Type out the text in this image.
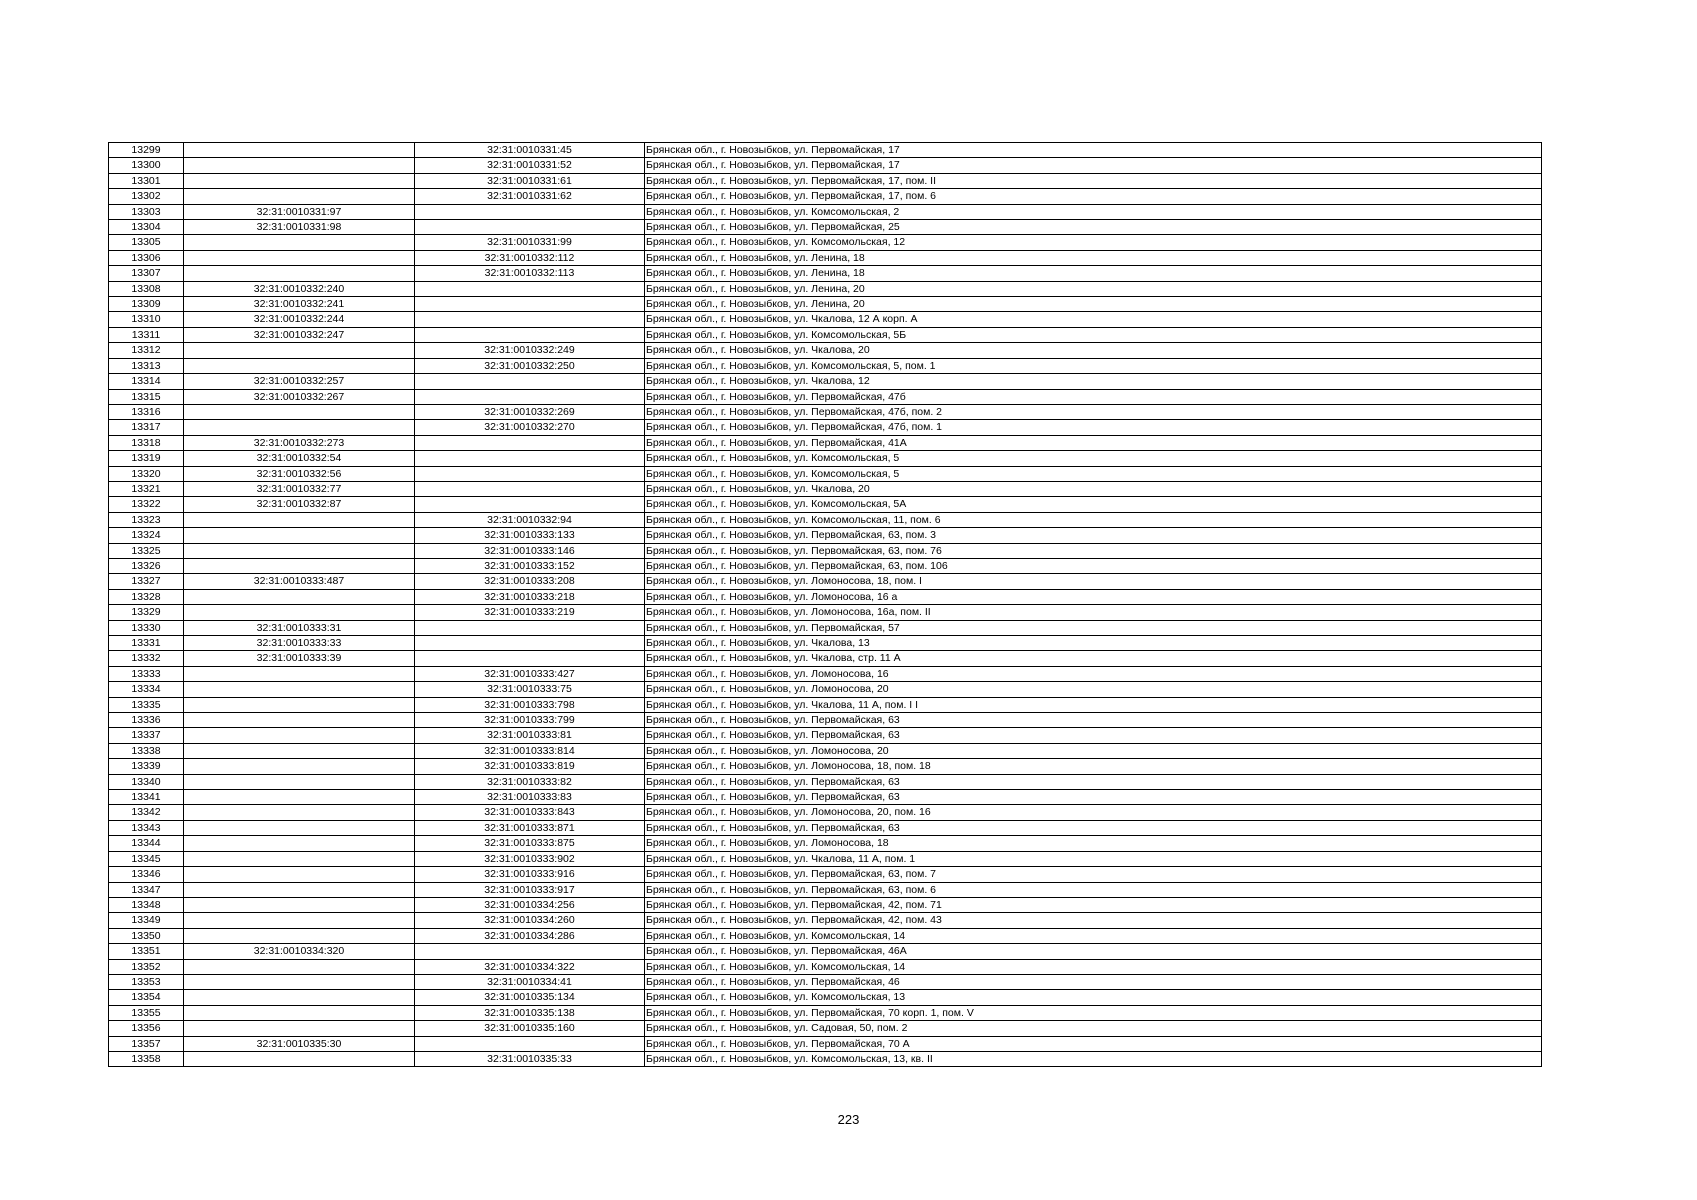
13299		32:31:0010331:45	Брянская обл., г. Новозыбков, ул. Первомайская, 17
13300		32:31:0010331:52	Брянская обл., г. Новозыбков, ул. Первомайская, 17
13301		32:31:0010331:61	Брянская обл., г. Новозыбков, ул. Первомайская, 17, пом. II
13302		32:31:0010331:62	Брянская обл., г. Новозыбков, ул. Первомайская, 17, пом. 6
13303	32:31:0010331:97		Брянская обл., г. Новозыбков, ул. Комсомольская, 2
13304	32:31:0010331:98		Брянская обл., г. Новозыбков, ул. Первомайская, 25
13305		32:31:0010331:99	Брянская обл., г. Новозыбков, ул. Комсомольская, 12
13306		32:31:0010332:112	Брянская обл., г. Новозыбков, ул. Ленина, 18
13307		32:31:0010332:113	Брянская обл., г. Новозыбков, ул. Ленина, 18
13308	32:31:0010332:240		Брянская обл., г. Новозыбков, ул. Ленина, 20
13309	32:31:0010332:241		Брянская обл., г. Новозыбков, ул. Ленина, 20
13310	32:31:0010332:244		Брянская обл., г. Новозыбков, ул. Чкалова, 12 А корп. А
13311	32:31:0010332:247		Брянская обл., г. Новозыбков, ул. Комсомольская, 5Б
13312		32:31:0010332:249	Брянская обл., г. Новозыбков, ул. Чкалова, 20
13313		32:31:0010332:250	Брянская обл., г. Новозыбков, ул. Комсомольская, 5, пом. 1
13314	32:31:0010332:257		Брянская обл., г. Новозыбков, ул. Чкалова, 12
13315	32:31:0010332:267		Брянская обл., г. Новозыбков, ул. Первомайская, 47б
13316		32:31:0010332:269	Брянская обл., г. Новозыбков, ул. Первомайская, 47б, пом. 2
13317		32:31:0010332:270	Брянская обл., г. Новозыбков, ул. Первомайская, 47б, пом. 1
13318	32:31:0010332:273		Брянская обл., г. Новозыбков, ул. Первомайская, 41А
13319	32:31:0010332:54		Брянская обл., г. Новозыбков, ул. Комсомольская, 5
13320	32:31:0010332:56		Брянская обл., г. Новозыбков, ул. Комсомольская, 5
13321	32:31:0010332:77		Брянская обл., г. Новозыбков, ул. Чкалова, 20
13322	32:31:0010332:87		Брянская обл., г. Новозыбков, ул. Комсомольская, 5А
13323		32:31:0010332:94	Брянская обл., г. Новозыбков, ул. Комсомольская, 11, пом. 6
13324		32:31:0010333:133	Брянская обл., г. Новозыбков, ул. Первомайская, 63, пом. 3
13325		32:31:0010333:146	Брянская обл., г. Новозыбков, ул. Первомайская, 63, пом. 76
13326		32:31:0010333:152	Брянская обл., г. Новозыбков, ул. Первомайская, 63, пом. 106
13327	32:31:0010333:487	32:31:0010333:208	Брянская обл., г. Новозыбков, ул. Ломоносова, 18, пом. I
13328		32:31:0010333:218	Брянская обл., г. Новозыбков, ул. Ломоносова, 16 а
13329		32:31:0010333:219	Брянская обл., г. Новозыбков, ул. Ломоносова, 16а, пом. II
13330	32:31:0010333:31		Брянская обл., г. Новозыбков, ул. Первомайская, 57
13331	32:31:0010333:33		Брянская обл., г. Новозыбков, ул. Чкалова, 13
13332	32:31:0010333:39		Брянская обл., г. Новозыбков, ул. Чкалова, стр. 11 А
13333		32:31:0010333:427	Брянская обл., г. Новозыбков, ул. Ломоносова, 16
13334		32:31:0010333:75	Брянская обл., г. Новозыбков, ул. Ломоносова, 20
13335		32:31:0010333:798	Брянская обл., г. Новозыбков, ул. Чкалова, 11 А, пом. I I
13336		32:31:0010333:799	Брянская обл., г. Новозыбков, ул. Первомайская, 63
13337		32:31:0010333:81	Брянская обл., г. Новозыбков, ул. Первомайская, 63
13338		32:31:0010333:814	Брянская обл., г. Новозыбков, ул. Ломоносова, 20
13339		32:31:0010333:819	Брянская обл., г. Новозыбков, ул. Ломоносова, 18, пом. 18
13340		32:31:0010333:82	Брянская обл., г. Новозыбков, ул. Первомайская, 63
13341		32:31:0010333:83	Брянская обл., г. Новозыбков, ул. Первомайская, 63
13342		32:31:0010333:843	Брянская обл., г. Новозыбков, ул. Ломоносова, 20, пом. 16
13343		32:31:0010333:871	Брянская обл., г. Новозыбков, ул. Первомайская, 63
13344		32:31:0010333:875	Брянская обл., г. Новозыбков, ул. Ломоносова, 18
13345		32:31:0010333:902	Брянская обл., г. Новозыбков, ул. Чкалова, 11 А, пом. 1
13346		32:31:0010333:916	Брянская обл., г. Новозыбков, ул. Первомайская, 63, пом. 7
13347		32:31:0010333:917	Брянская обл., г. Новозыбков, ул. Первомайская, 63, пом. 6
13348		32:31:0010334:256	Брянская обл., г. Новозыбков, ул. Первомайская, 42, пом. 71
13349		32:31:0010334:260	Брянская обл., г. Новозыбков, ул. Первомайская, 42, пом. 43
13350		32:31:0010334:286	Брянская обл., г. Новозыбков, ул. Комсомольская, 14
13351	32:31:0010334:320		Брянская обл., г. Новозыбков, ул. Первомайская, 46А
13352		32:31:0010334:322	Брянская обл., г. Новозыбков, ул. Комсомольская, 14
13353		32:31:0010334:41	Брянская обл., г. Новозыбков, ул. Первомайская, 46
13354		32:31:0010335:134	Брянская обл., г. Новозыбков, ул. Комсомольская, 13
13355		32:31:0010335:138	Брянская обл., г. Новозыбков, ул. Первомайская, 70 корп. 1, пом. V
13356		32:31:0010335:160	Брянская обл., г. Новозыбков, ул. Садовая, 50, пом. 2
13357	32:31:0010335:30		Брянская обл., г. Новозыбков, ул. Первомайская, 70 А
13358		32:31:0010335:33	Брянская обл., г. Новозыбков, ул. Комсомольская, 13, кв. II
223
